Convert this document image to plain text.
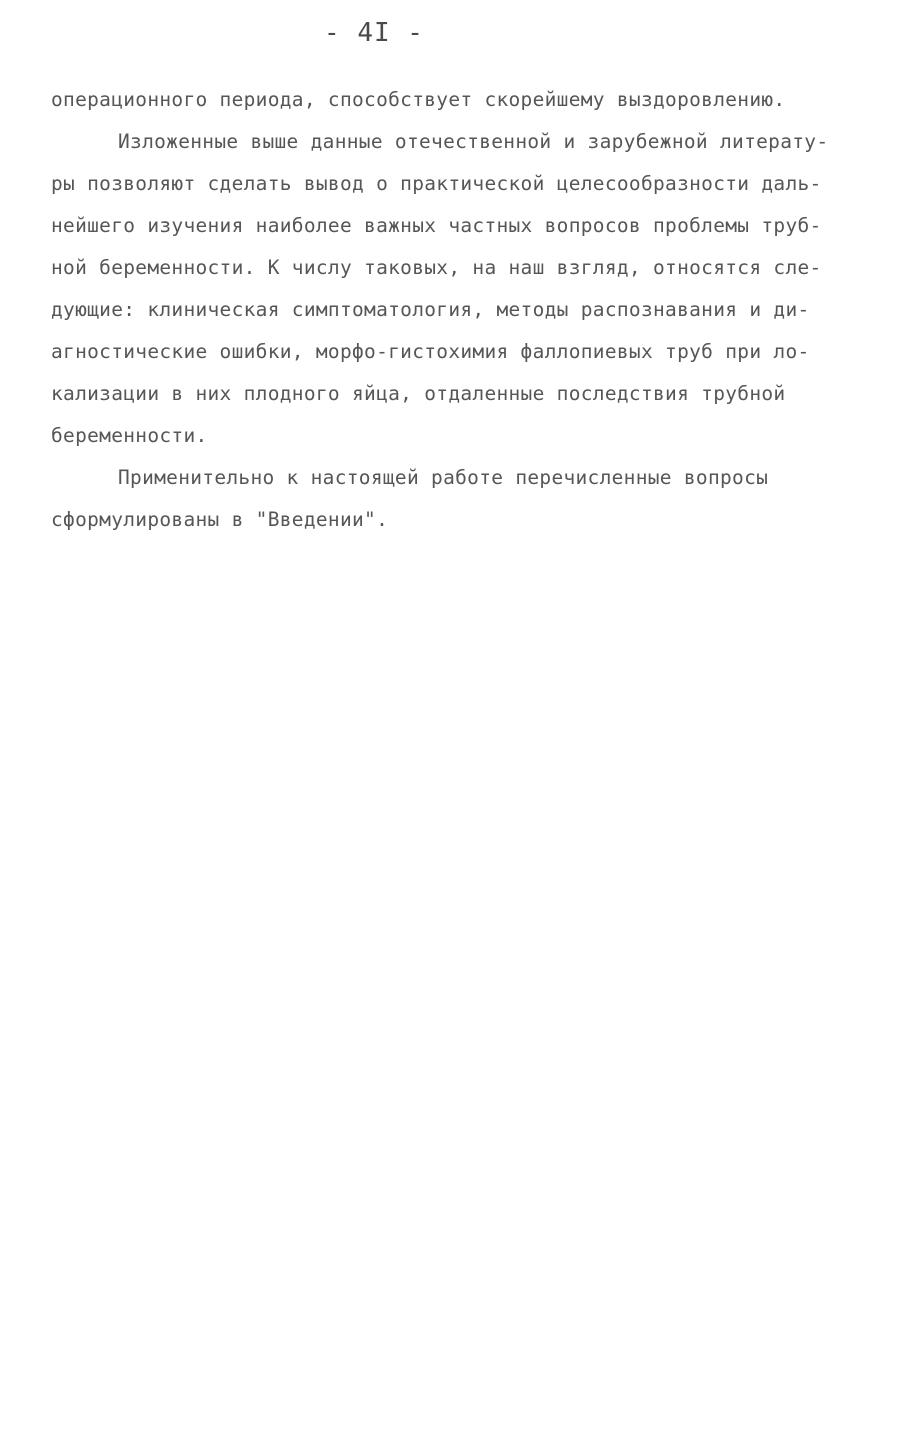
- 4I -
операционного периода, способствует скорейшему выздоровлению.
Изложенные выше данные отечественной и зарубежной литерату-
ры позволяют сделать вывод о практической целесообразности даль-
нейшего изучения наиболее важных частных вопросов проблемы труб-
ной беременности. К числу таковых, на наш взгляд, относятся сле-
дующие: клиническая симптоматология, методы распознавания и ди-
агностические ошибки, морфо-гистохимия фаллопиевых труб при ло-
кализации в них плодного яйца, отдаленные последствия трубной
беременности.
Применительно к настоящей работе перечисленные вопросы
сформулированы в "Введении".
